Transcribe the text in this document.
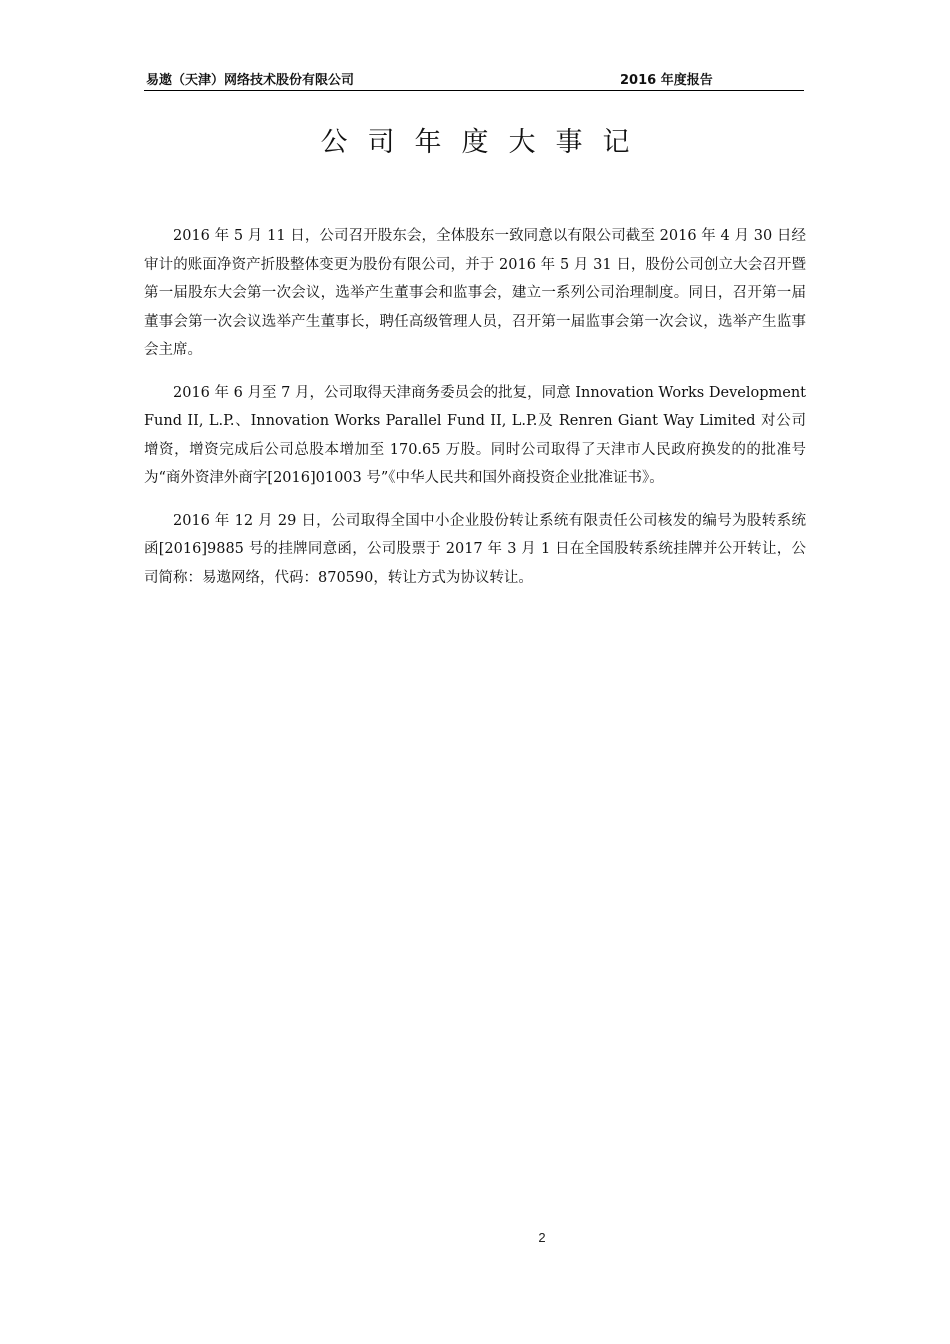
易遨（天津）网络技术股份有限公司	2016 年度报告
公司年度大事记

2016 年 5 月 11 日，公司召开股东会，全体股东一致同意以有限公司截至 2016 年 4 月 30 日经审计的账面净资产折股整体变更为股份有限公司，并于 2016 年 5 月 31 日，股份公司创立大会召开暨第一届股东大会第一次会议，选举产生董事会和监事会，建立一系列公司治理制度。同日，召开第一届董事会第一次会议选举产生董事长，聘任高级管理人员，召开第一届监事会第一次会议，选举产生监事会主席。

2016 年 6 月至 7 月，公司取得天津商务委员会的批复，同意 Innovation Works Development Fund II, L.P.、Innovation Works Parallel Fund II, L.P.及 Renren Giant Way Limited 对公司增资，增资完成后公司总股本增加至 170.65 万股。同时公司取得了天津市人民政府换发的的批准号为“商外资津外商字[2016]01003 号”《中华人民共和国外商投资企业批准证书》。

2016 年 12 月 29 日，公司取得全国中小企业股份转让系统有限责任公司核发的编号为股转系统函[2016]9885 号的挂牌同意函，公司股票于 2017 年 3 月 1 日在全国股转系统挂牌并公开转让，公司简称：易遨网络，代码：870590，转让方式为协议转让。

2
